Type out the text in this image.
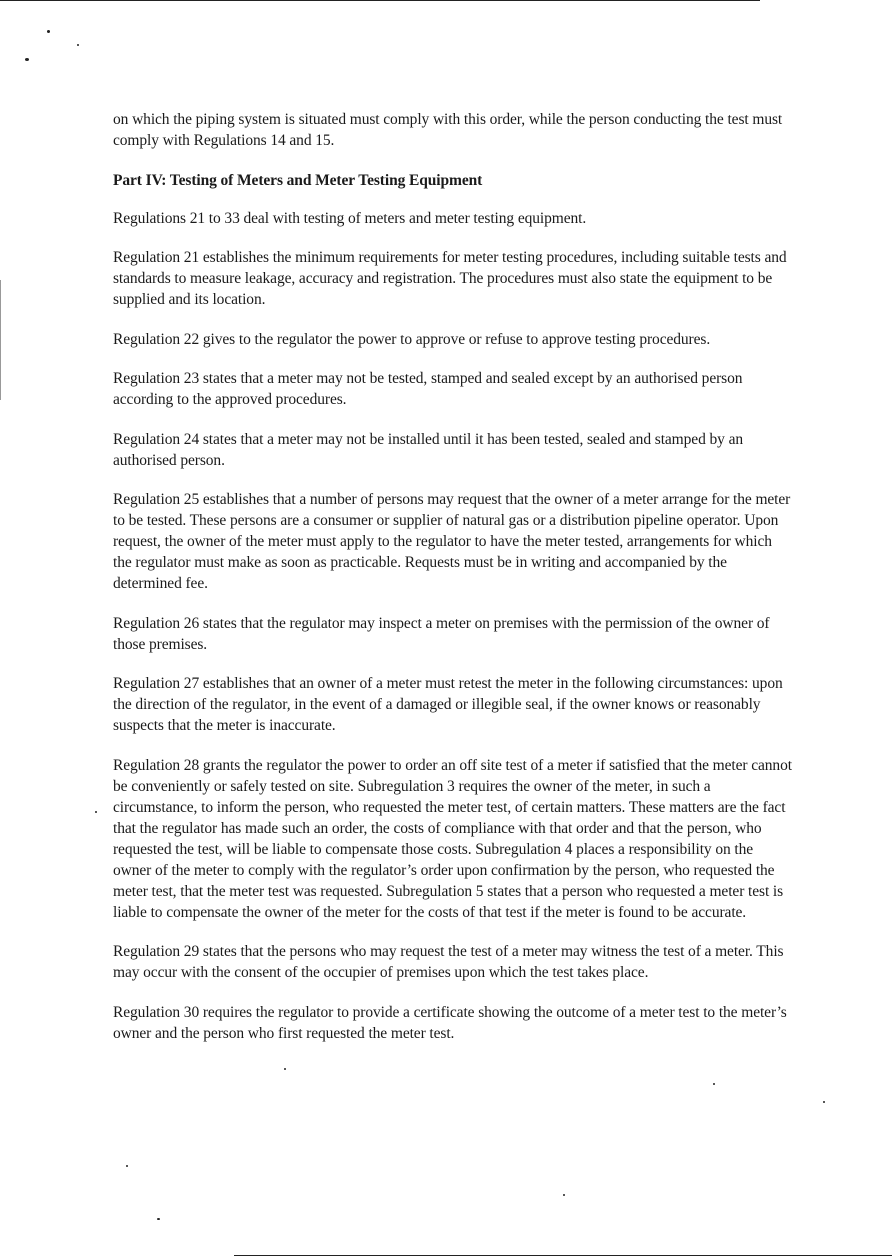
on which the piping system is situated must comply with this order, while the person conducting the test must comply with Regulations 14 and 15.

Part IV: Testing of Meters and Meter Testing Equipment

Regulations 21 to 33 deal with testing of meters and meter testing equipment.

Regulation 21 establishes the minimum requirements for meter testing procedures, including suitable tests and standards to measure leakage, accuracy and registration. The procedures must also state the equipment to be supplied and its location.

Regulation 22 gives to the regulator the power to approve or refuse to approve testing procedures.

Regulation 23 states that a meter may not be tested, stamped and sealed except by an authorised person according to the approved procedures.

Regulation 24 states that a meter may not be installed until it has been tested, sealed and stamped by an authorised person.

Regulation 25 establishes that a number of persons may request that the owner of a meter arrange for the meter to be tested. These persons are a consumer or supplier of natural gas or a distribution pipeline operator. Upon request, the owner of the meter must apply to the regulator to have the meter tested, arrangements for which the regulator must make as soon as practicable. Requests must be in writing and accompanied by the determined fee.

Regulation 26 states that the regulator may inspect a meter on premises with the permission of the owner of those premises.

Regulation 27 establishes that an owner of a meter must retest the meter in the following circumstances: upon the direction of the regulator, in the event of a damaged or illegible seal, if the owner knows or reasonably suspects that the meter is inaccurate.

Regulation 28 grants the regulator the power to order an off site test of a meter if satisfied that the meter cannot be conveniently or safely tested on site. Subregulation 3 requires the owner of the meter, in such a circumstance, to inform the person, who requested the meter test, of certain matters. These matters are the fact that the regulator has made such an order, the costs of compliance with that order and that the person, who requested the test, will be liable to compensate those costs. Subregulation 4 places a responsibility on the owner of the meter to comply with the regulator’s order upon confirmation by the person, who requested the meter test, that the meter test was requested. Subregulation 5 states that a person who requested a meter test is liable to compensate the owner of the meter for the costs of that test if the meter is found to be accurate.

Regulation 29 states that the persons who may request the test of a meter may witness the test of a meter. This may occur with the consent of the occupier of premises upon which the test takes place.

Regulation 30 requires the regulator to provide a certificate showing the outcome of a meter test to the meter’s owner and the person who first requested the meter test.
